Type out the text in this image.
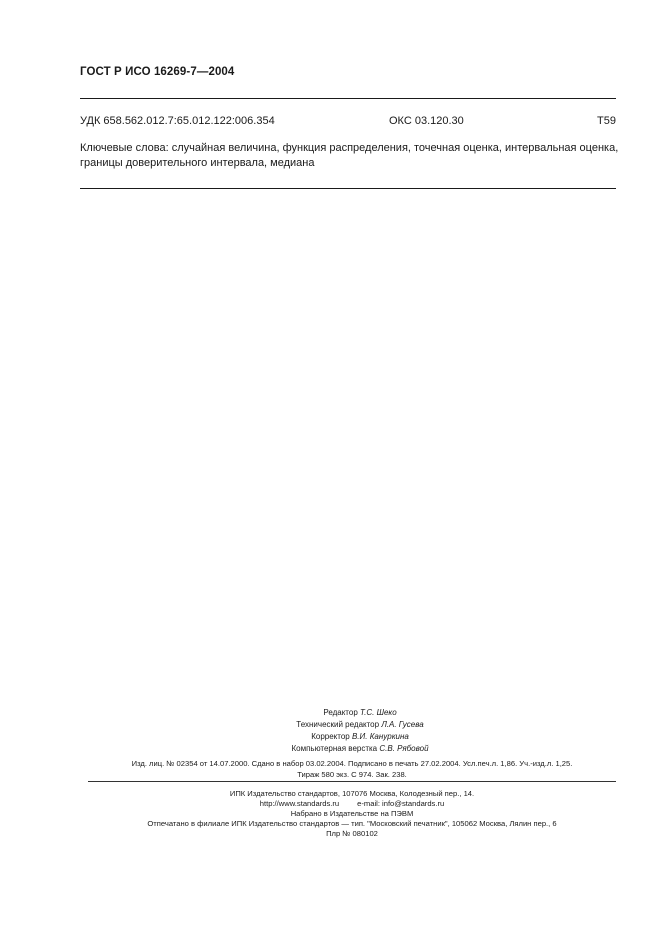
ГОСТ Р ИСО 16269-7—2004
УДК 658.562.012.7:65.012.122:006.354	ОКС 03.120.30	Т59
Ключевые слова: случайная величина, функция распределения, точечная оценка, интервальная оценка, границы доверительного интервала, медиана
Редактор Т.С. Шеко
Технический редактор Л.А. Гусева
Корректор В.И. Кануркина
Компьютерная верстка С.В. Рябовой
Изд. лиц. № 02354 от 14.07.2000. Сдано в набор 03.02.2004. Подписано в печать 27.02.2004. Усл.печ.л. 1,86. Уч.-изд.л. 1,25.
Тираж 580 экз. С 974. Зак. 238.
ИПК Издательство стандартов, 107076 Москва, Колодезный пер., 14.
http://www.standards.ru e-mail: info@standards.ru
Набрано в Издательстве на ПЭВМ
Отпечатано в филиале ИПК Издательство стандартов — тип. "Московский печатник", 105062 Москва, Лялин пер., 6
Плр № 080102
